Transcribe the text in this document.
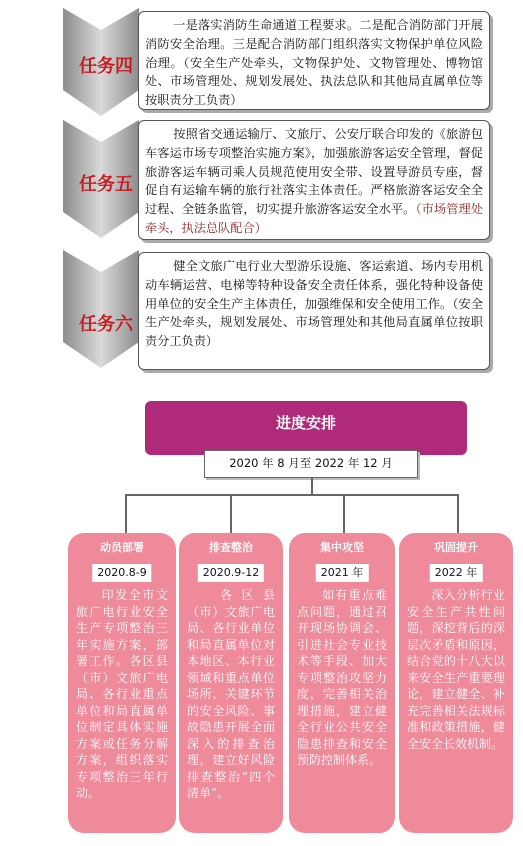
任务四
一是落实消防生命通道工程要求。二是配合消防部门开展消防安全治理。三是配合消防部门组织落实文物保护单位风险治理。（安全生产处牵头，文物保护处、文物管理处、博物馆处、市场管理处、规划发展处、执法总队和其他局直属单位等按职责分工负责）
任务五
按照省交通运输厅、文旅厅、公安厅联合印发的《旅游包车客运市场专项整治实施方案》，加强旅游客运安全管理，督促旅游客运车辆司乘人员规范使用安全带、设置导游员专座，督促自有运输车辆的旅行社落实主体责任。严格旅游客运安全全过程、全链条监管，切实提升旅游客运安全水平。（市场管理处牵头，执法总队配合）
任务六
健全文旅广电行业大型游乐设施、客运索道、场内专用机动车辆运营、电梯等特种设备安全责任体系，强化特种设备使用单位的安全生产主体责任，加强维保和安全使用工作。（安全生产处牵头，规划发展处、市场管理处和其他局直属单位按职责分工负责）
进度安排
2020 年 8 月至 2022 年 12 月
动员部署
2020.8-9
印发全市文旅广电行业安全生产专项整治三年实施方案，部署工作。各区县（市）文旅广电局、各行业重点单位和局直属单位制定具体实施方案或任务分解方案，组织落实专项整治三年行动。
排查整治
2020.9-12
各区县（市）文旅广电局、各行业单位和局直属单位对本地区、本行业领域和重点单位场所、关键环节的安全风险、事故隐患开展全面深入的排查治理，建立好风险排查整治“四个清单”。
集中攻坚
2021 年
如有重点难点问题，通过召开现场协调会、引进社会专业技术等手段、加大专项整治攻坚力度，完善相关治理措施，建立健全行业公共安全隐患排查和安全预防控制体系。
巩固提升
2022 年
深入分析行业安全生产共性问题，深挖背后的深层次矛盾和原因，结合党的十八大以来安全生产重要理论，建立健全、补充完善相关法规标准和政策措施，健全安全长效机制。
